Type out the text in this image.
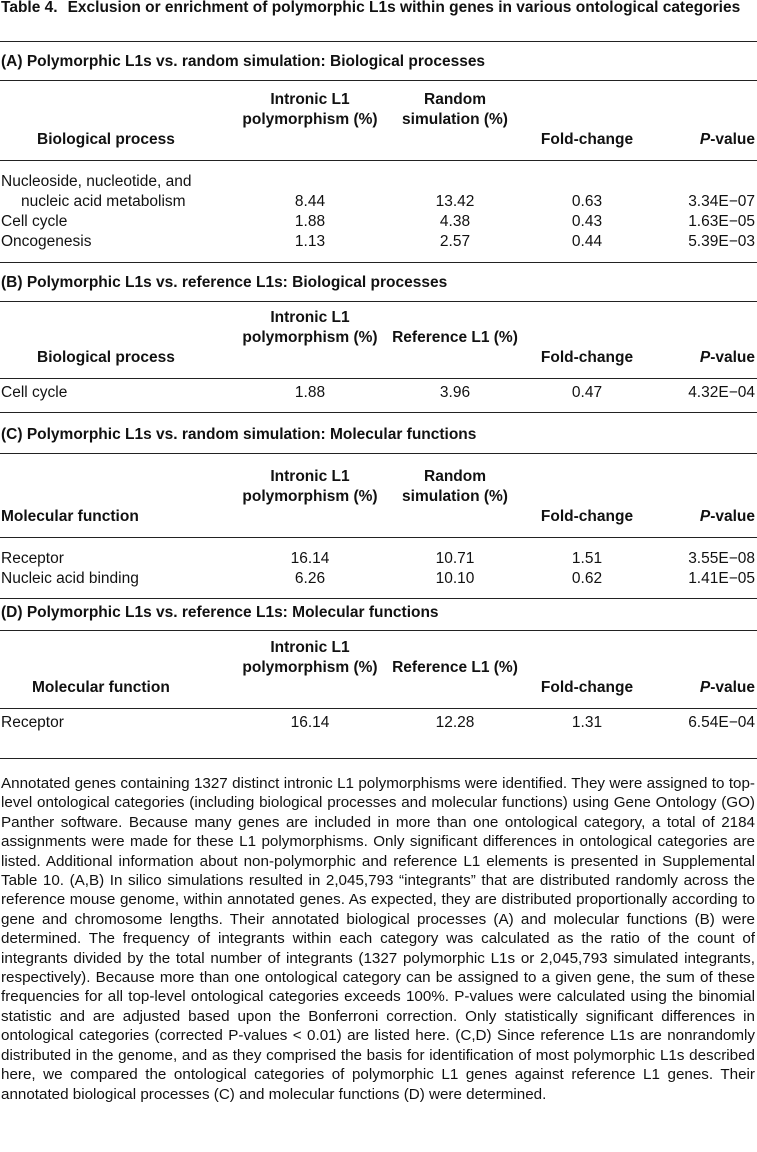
Table 4. Exclusion or enrichment of polymorphic L1s within genes in various ontological categories
(A) Polymorphic L1s vs. random simulation: Biological processes
Biological process
Intronic L1 polymorphism (%)
Random simulation (%)
Fold-change	P-value
Nucleoside, nucleotide, and
nucleic acid metabolism	8.44	13.42	0.63	3.34E−07
Cell cycle	1.88	4.38	0.43	1.63E−05
Oncogenesis	1.13	2.57	0.44	5.39E−03
(B) Polymorphic L1s vs. reference L1s: Biological processes
Biological process
Intronic L1 polymorphism (%) Reference L1 (%)
Fold-change	P-value
Cell cycle	1.88	3.96	0.47	4.32E−04
(C) Polymorphic L1s vs. random simulation: Molecular functions
Molecular function
Intronic L1 polymorphism (%)
Random simulation (%)
Fold-change	P-value
Receptor	16.14	10.71	1.51	3.55E−08
Nucleic acid binding	6.26	10.10	0.62	1.41E−05
(D) Polymorphic L1s vs. reference L1s: Molecular functions
Molecular function
Intronic L1 polymorphism (%) Reference L1 (%)
Fold-change	P-value
Receptor	16.14	12.28	1.31	6.54E−04
Annotated genes containing 1327 distinct intronic L1 polymorphisms were identified. They were assigned to top-level ontological categories (including biological processes and molecular functions) using Gene Ontology (GO) Panther software. Because many genes are included in more than one ontological category, a total of 2184 assignments were made for these L1 polymorphisms. Only significant differences in ontological categories are listed. Additional information about non-polymorphic and reference L1 elements is presented in Supplemental Table 10. (A,B) In silico simulations resulted in 2,045,793 “integrants” that are distributed randomly across the reference mouse genome, within annotated genes. As expected, they are distributed proportionally according to gene and chromosome lengths. Their annotated biological processes (A) and molecular functions (B) were determined. The frequency of integrants within each category was calculated as the ratio of the count of integrants divided by the total number of integrants (1327 polymorphic L1s or 2,045,793 simulated integrants, respectively). Because more than one ontological category can be assigned to a given gene, the sum of these frequencies for all top-level ontological categories exceeds 100%. P-values were calculated using the binomial statistic and are adjusted based upon the Bonferroni correction. Only statistically significant differences in ontological categories (corrected P-values < 0.01) are listed here. (C,D) Since reference L1s are nonrandomly distributed in the genome, and as they comprised the basis for identification of most polymorphic L1s described here, we compared the ontological categories of polymorphic L1 genes against reference L1 genes. Their annotated biological processes (C) and molecular functions (D) were determined.
